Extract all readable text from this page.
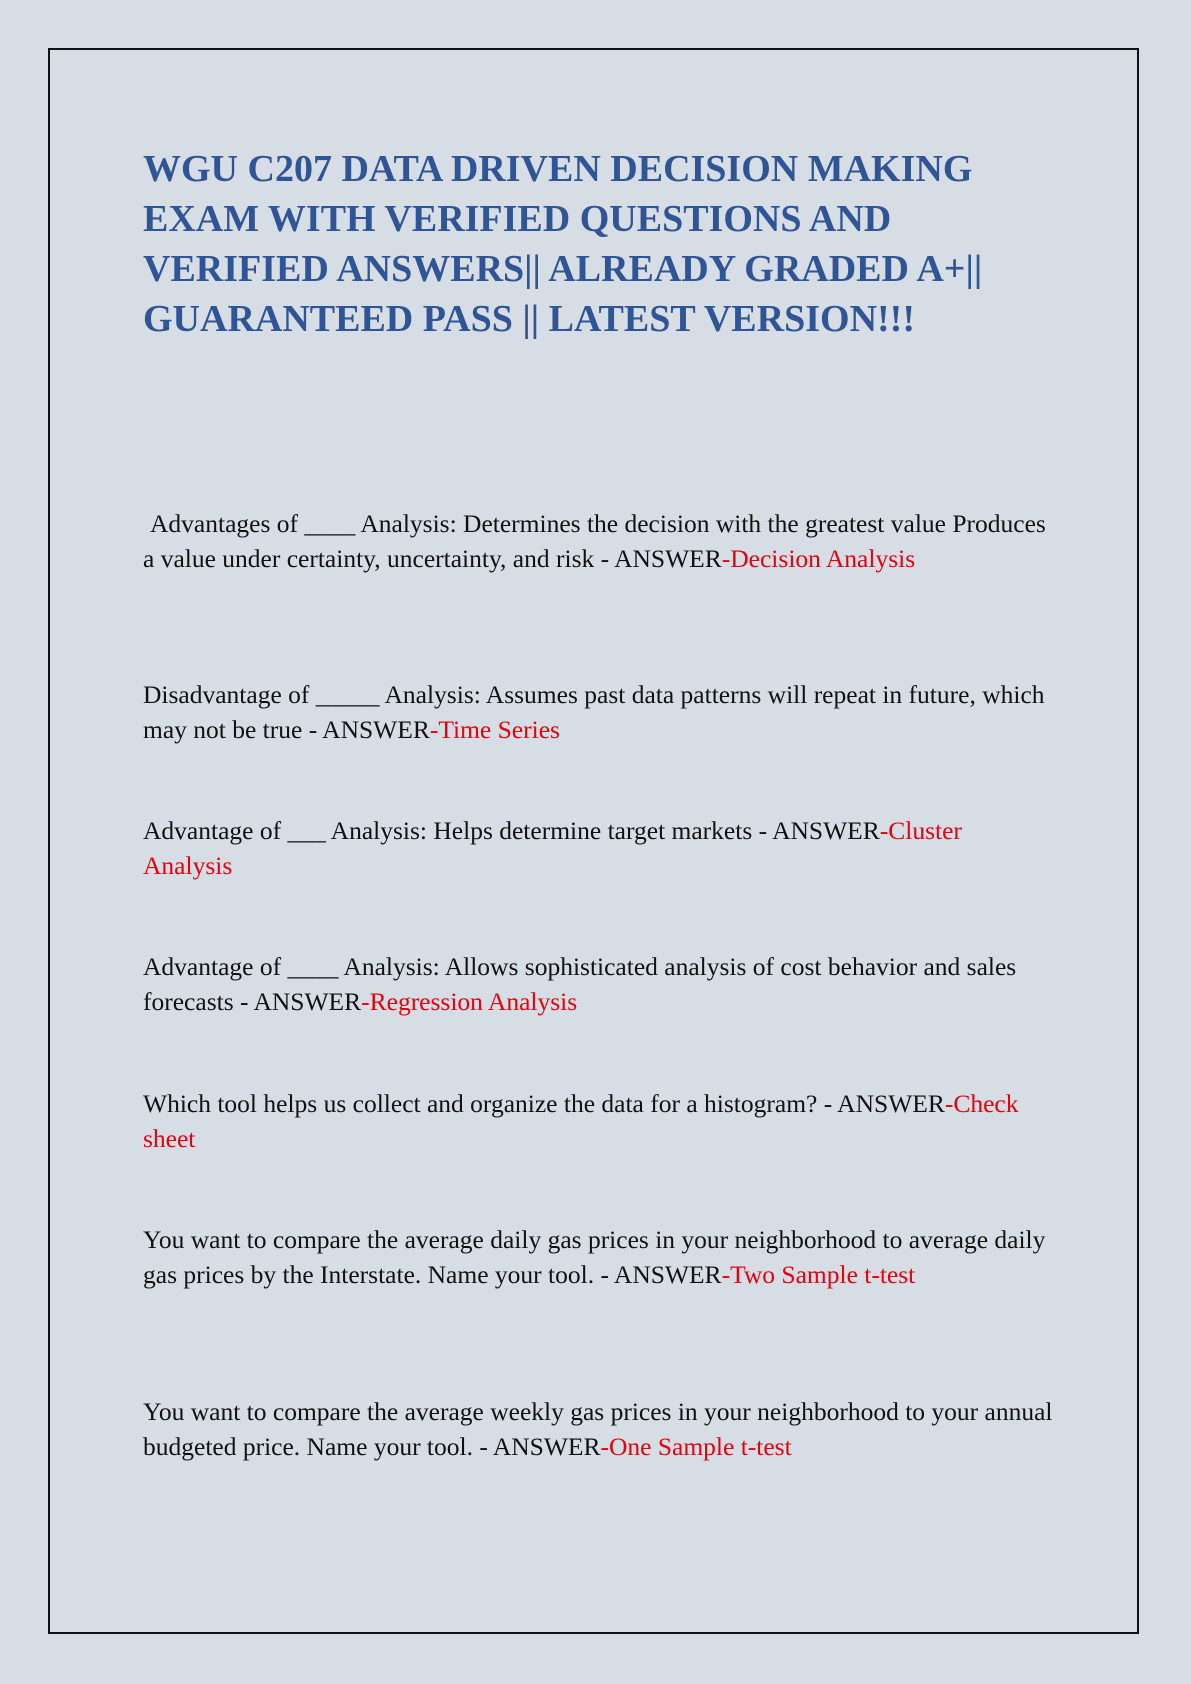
WGU C207 DATA DRIVEN DECISION MAKING EXAM WITH VERIFIED QUESTIONS AND VERIFIED ANSWERS|| ALREADY GRADED A+|| GUARANTEED PASS || LATEST VERSION!!!

Advantages of ____ Analysis: Determines the decision with the greatest value Produces a value under certainty, uncertainty, and risk - ANSWER-Decision Analysis

Disadvantage of _____ Analysis: Assumes past data patterns will repeat in future, which may not be true - ANSWER-Time Series

Advantage of ___ Analysis: Helps determine target markets - ANSWER-Cluster Analysis

Advantage of ____ Analysis: Allows sophisticated analysis of cost behavior and sales forecasts - ANSWER-Regression Analysis

Which tool helps us collect and organize the data for a histogram? - ANSWER-Check sheet

You want to compare the average daily gas prices in your neighborhood to average daily gas prices by the Interstate. Name your tool. - ANSWER-Two Sample t-test

You want to compare the average weekly gas prices in your neighborhood to your annual budgeted price. Name your tool. - ANSWER-One Sample t-test
